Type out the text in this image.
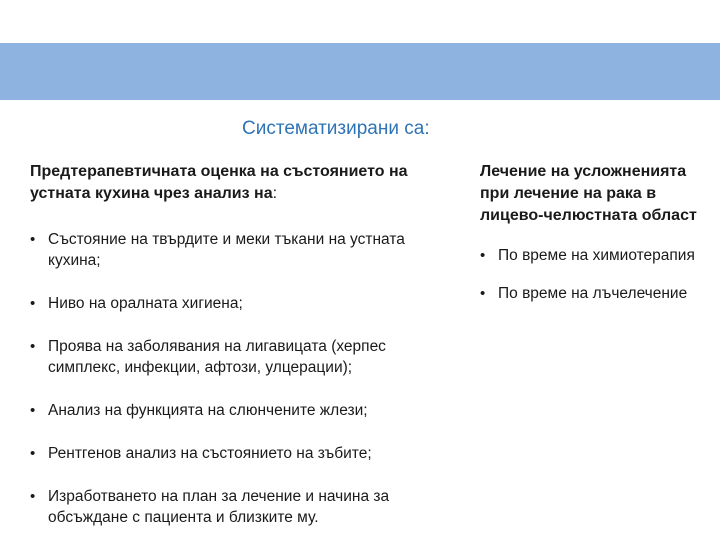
Систематизирани са:

Предтерапевтичната оценка на състоянието на устната кухина чрез анализ на:

• Състояние на твърдите и меки тъкани на устната кухина;
• Ниво на оралната хигиена;
• Проява на заболявания на лигавицата (херпес симплекс, инфекции, афтози, улцерации);
• Анализ на функцията на слюнчените жлези;
• Рентгенов анализ на състоянието на зъбите;
• Изработването на план за лечение и начина за обсъждане с пациента и близките му.

Лечение на усложненията при лечение на рака в лицево-челюстната област

• По време на химиотерапия
• По време на лъчелечение
